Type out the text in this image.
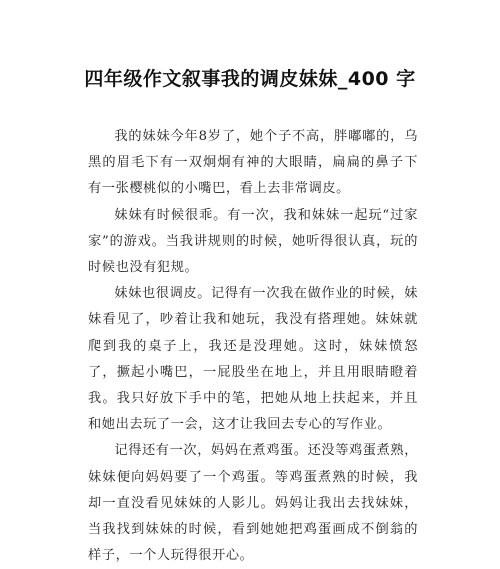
四年级作文叙事我的调皮妹妹_400 字

我的妹妹今年8岁了，她个子不高，胖嘟嘟的，乌黑的眉毛下有一双炯炯有神的大眼睛，扁扁的鼻子下有一张樱桃似的小嘴巴，看上去非常调皮。

妹妹有时候很乖。有一次，我和妹妹一起玩“过家家”的游戏。当我讲规则的时候，她听得很认真，玩的时候也没有犯规。

妹妹也很调皮。记得有一次我在做作业的时候，妹妹看见了，吵着让我和她玩，我没有搭理她。妹妹就爬到我的桌子上，我还是没理她。这时，妹妹愤怒了，撅起小嘴巴，一屁股坐在地上，并且用眼睛瞪着我。我只好放下手中的笔，把她从地上扶起来，并且和她出去玩了一会，这才让我回去专心的写作业。

记得还有一次，妈妈在煮鸡蛋。还没等鸡蛋煮熟，妹妹便向妈妈要了一个鸡蛋。等鸡蛋煮熟的时候，我却一直没看见妹妹的人影儿。妈妈让我出去找妹妹，当我找到妹妹的时候，看到她她把鸡蛋画成不倒翁的样子，一个人玩得很开心。
